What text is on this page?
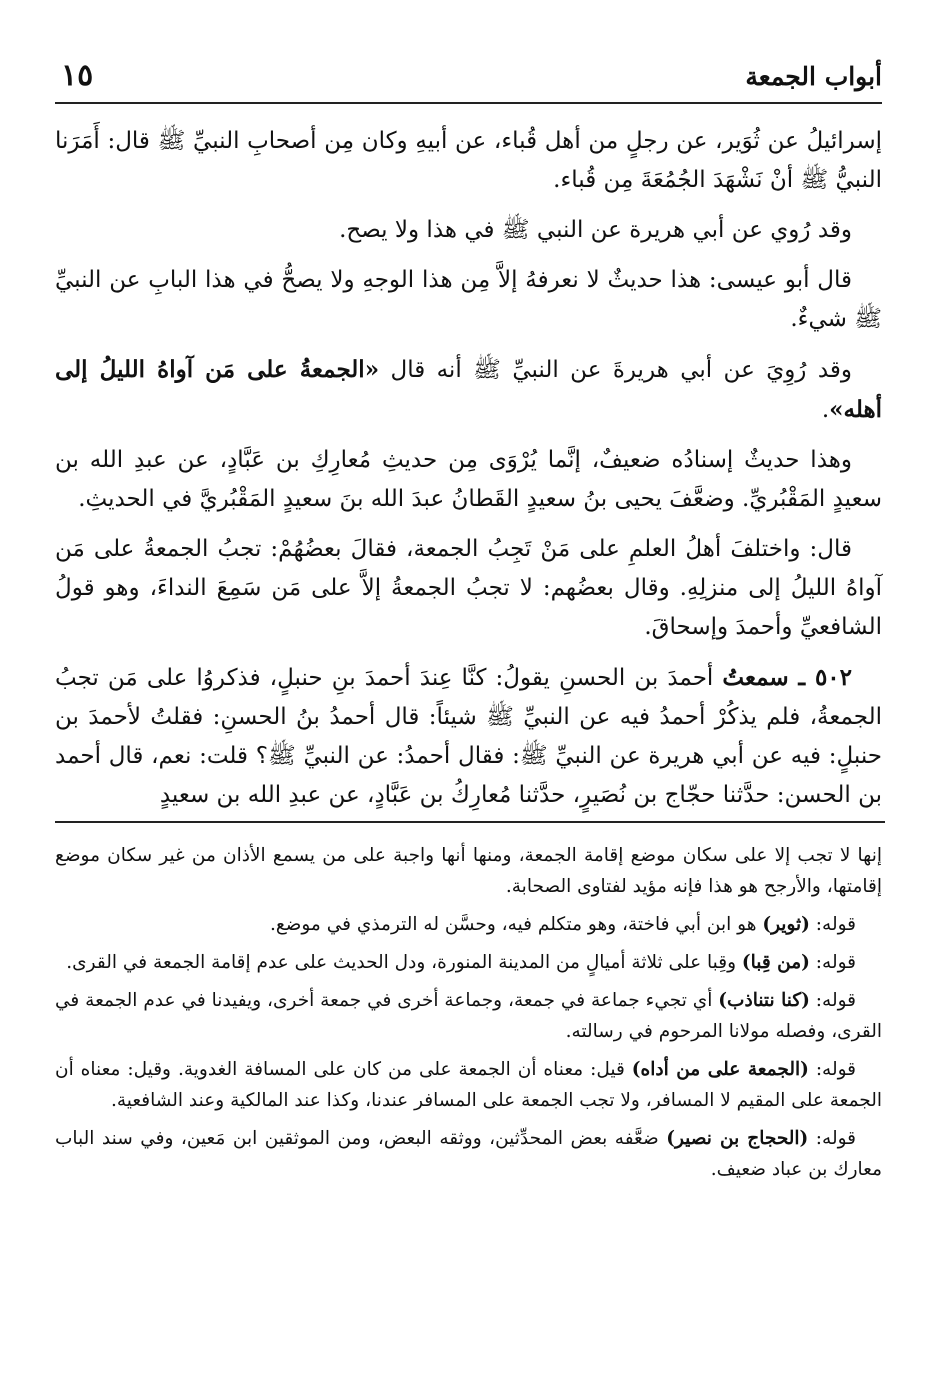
أبواب الجمعة
١٥

إسرائيلُ عن ثُوَير، عن رجلٍ من أهل قُباء، عن أبيهِ وكان مِن أصحابِ النبيِّ ﷺ قال: أَمَرَنا النبيُّ ﷺ أنْ نَشْهَدَ الجُمُعَةَ مِن قُباء.

وقد رُوي عن أبي هريرة عن النبي ﷺ في هذا ولا يصح.

قال أبو عيسى: هذا حديثٌ لا نعرفهُ إلاَّ مِن هذا الوجهِ ولا يصحُّ في هذا البابِ عن النبيِّ ﷺ شيءٌ.

وقد رُوِيَ عن أبي هريرةَ عن النبيِّ ﷺ أنه قال «الجمعةُ على مَن آواهُ الليلُ إلى أهله».

وهذا حديثٌ إسنادُه ضعيفٌ، إنَّما يُرْوَى مِن حديثِ مُعارِكِ بن عَبَّادٍ، عن عبدِ الله بن سعيدٍ المَقْبُريِّ. وضعَّفَ يحيى بنُ سعيدٍ القَطانُ عبدَ الله بنَ سعيدٍ المَقْبُريَّ في الحديثِ.

قال: واختلفَ أهلُ العلمِ على مَنْ تَجِبُ الجمعة، فقالَ بعضُهُمْ: تجبُ الجمعةُ على مَن آواهُ الليلُ إلى منزلِهِ. وقال بعضُهم: لا تجبُ الجمعةُ إلاَّ على مَن سَمِعَ النداءَ، وهو قولُ الشافعيِّ وأحمدَ وإسحاقَ.

٥٠٢ ـ سمعتُ أحمدَ بن الحسنِ يقولُ: كنَّا عِندَ أحمدَ بنِ حنبلٍ، فذكروُا على مَن تجبُ الجمعةُ، فلم يذكُرْ أحمدُ فيه عن النبيِّ ﷺ شيئاً: قال أحمدُ بنُ الحسنِ: فقلتُ لأحمدَ بن حنبلٍ: فيه عن أبي هريرة عن النبيِّ ﷺ: فقال أحمدُ: عن النبيِّ ﷺ؟ قلت: نعم، قال أحمد بن الحسن: حدَّثنا حجّاج بن نُصَيرٍ، حدَّثنا مُعارِكُ بن عَبَّادٍ، عن عبدِ الله بن سعيدٍ

إنها لا تجب إلا على سكان موضع إقامة الجمعة، ومنها أنها واجبة على من يسمع الأذان من غير سكان موضع إقامتها، والأرجح هو هذا فإنه مؤيد لفتاوى الصحابة.

قوله: (ثوير) هو ابن أبي فاختة، وهو متكلم فيه، وحسَّن له الترمذي في موضع.

قوله: (من قِبا) وقِبا على ثلاثة أميالٍ من المدينة المنورة، ودل الحديث على عدم إقامة الجمعة في القرى.

قوله: (كنا نتناذب) أي تجيء جماعة في جمعة، وجماعة أخرى في جمعة أخرى، ويفيدنا في عدم الجمعة في القرى، وفصله مولانا المرحوم في رسالته.

قوله: (الجمعة على من أداه) قيل: معناه أن الجمعة على من كان على المسافة الغدوية. وقيل: معناه أن الجمعة على المقيم لا المسافر، ولا تجب الجمعة على المسافر عندنا، وكذا عند المالكية وعند الشافعية.

قوله: (الحجاج بن نصير) ضعَّفه بعض المحدِّثين، ووثقه البعض، ومن الموثقين ابن مَعين، وفي سند الباب معارك بن عباد ضعيف.
